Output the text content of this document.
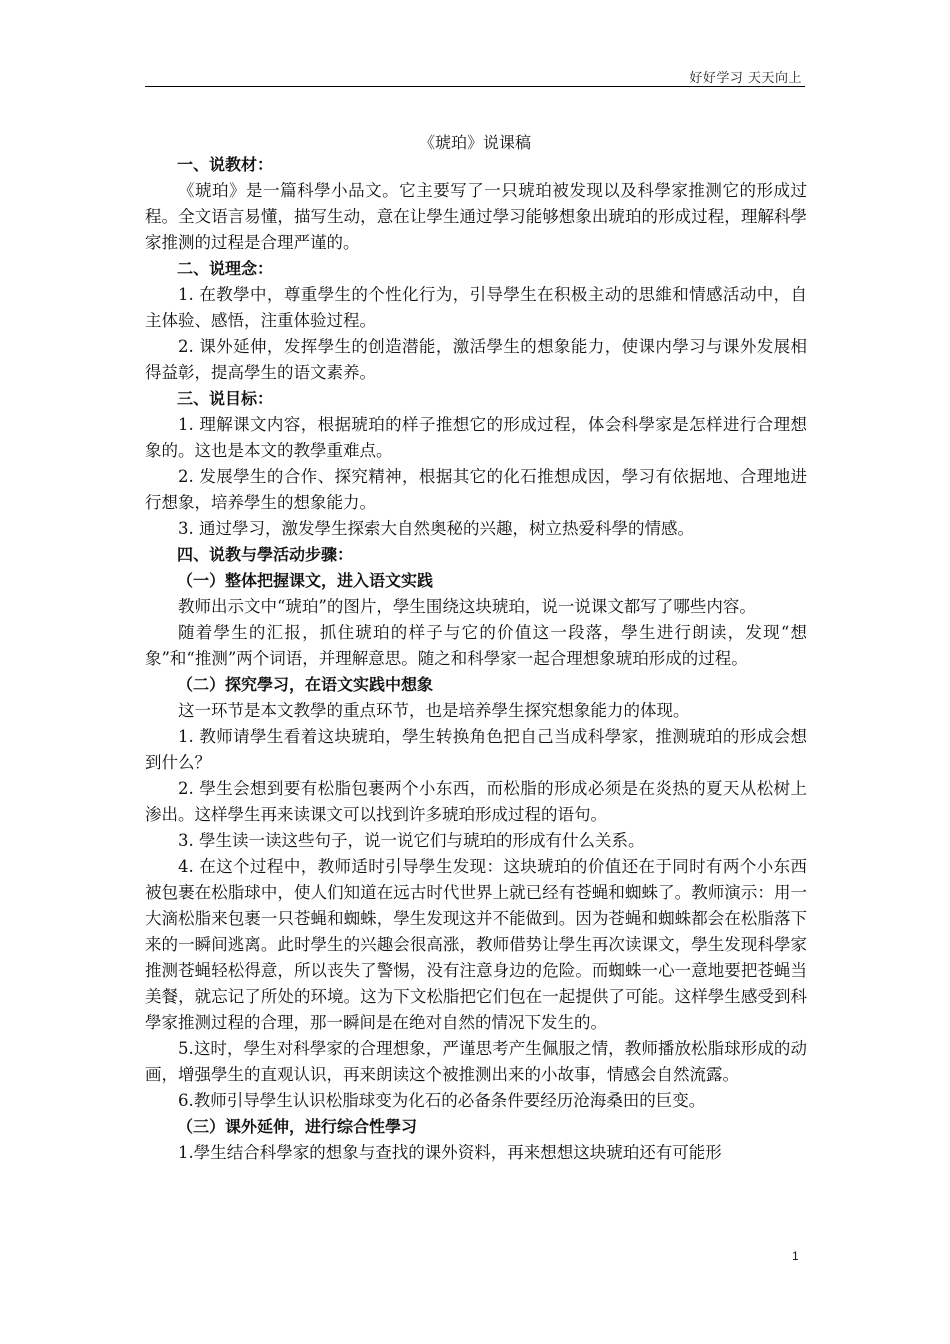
好好学习 天天向上
《琥珀》说课稿

一、说教材：

《琥珀》是一篇科學小品文。它主要写了一只琥珀被发现以及科學家推测它的形成过程。全文语言易懂，描写生动，意在让學生通过學习能够想象出琥珀的形成过程，理解科學家推测的过程是合理严谨的。

二、说理念：

1. 在教學中，尊重學生的个性化行为，引导學生在积极主动的思維和情感活动中，自主体验、感悟，注重体验过程。

2. 课外延伸，发挥學生的创造潜能，激活學生的想象能力，使课内學习与课外发展相得益彰，提高學生的语文素养。

三、说目标：

1. 理解课文内容，根据琥珀的样子推想它的形成过程，体会科學家是怎样进行合理想象的。这也是本文的教學重难点。

2. 发展學生的合作、探究精神，根据其它的化石推想成因，學习有依据地、合理地进行想象，培养學生的想象能力。

3. 通过學习，激发學生探索大自然奥秘的兴趣，树立热爱科學的情感。

四、说教与學活动步骤：

（一）整体把握课文，进入语文实践

教师出示文中“琥珀”的图片，學生围绕这块琥珀，说一说课文都写了哪些内容。

随着學生的汇报，抓住琥珀的样子与它的价值这一段落，學生进行朗读，发现“想象”和“推测”两个词语，并理解意思。随之和科學家一起合理想象琥珀形成的过程。

（二）探究學习，在语文实践中想象

这一环节是本文教學的重点环节，也是培养學生探究想象能力的体现。

1. 教师请學生看着这块琥珀，學生转换角色把自己当成科學家，推测琥珀的形成会想到什么？

2. 學生会想到要有松脂包裹两个小东西，而松脂的形成必须是在炎热的夏天从松树上渗出。这样學生再来读课文可以找到许多琥珀形成过程的语句。

3. 學生读一读这些句子，说一说它们与琥珀的形成有什么关系。

4. 在这个过程中，教师适时引导學生发现：这块琥珀的价值还在于同时有两个小东西被包裹在松脂球中，使人们知道在远古时代世界上就已经有苍蝇和蜘蛛了。教师演示：用一大滴松脂来包裹一只苍蝇和蜘蛛，學生发现这并不能做到。因为苍蝇和蜘蛛都会在松脂落下来的一瞬间逃离。此时學生的兴趣会很高涨，教师借势让學生再次读课文，學生发现科學家推测苍蝇轻松得意，所以丧失了警惕，没有注意身边的危险。而蜘蛛一心一意地要把苍蝇当美餐，就忘记了所处的环境。这为下文松脂把它们包在一起提供了可能。这样學生感受到科學家推测过程的合理，那一瞬间是在绝对自然的情况下发生的。

5.这时，學生对科學家的合理想象，严谨思考产生佩服之情，教师播放松脂球形成的动画，增强學生的直观认识，再来朗读这个被推测出来的小故事，情感会自然流露。

6.教师引导學生认识松脂球变为化石的必备条件要经历沧海桑田的巨变。

（三）课外延伸，进行综合性學习

1.學生结合科學家的想象与查找的课外资料，再来想想这块琥珀还有可能形

1
